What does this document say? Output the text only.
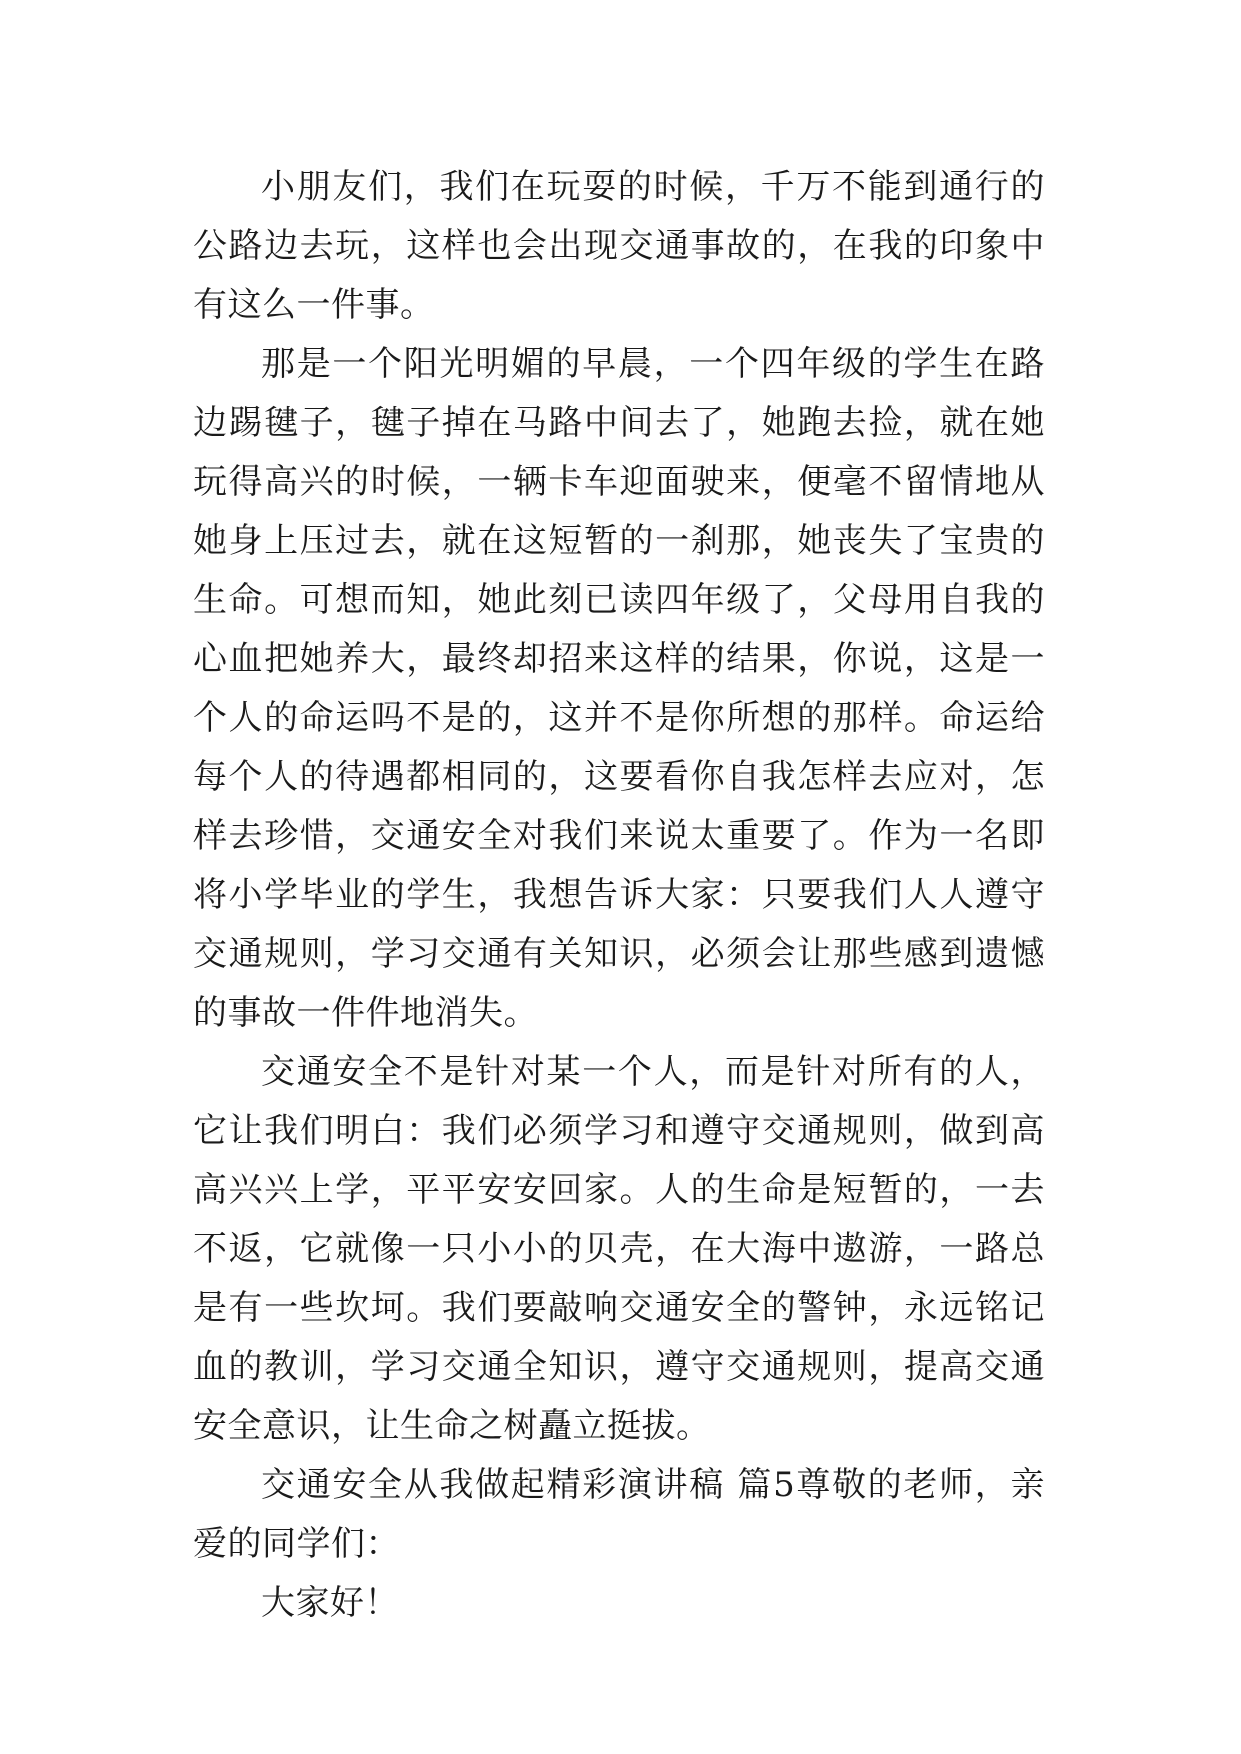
小朋友们，我们在玩耍的时候，千万不能到通行的公路边去玩，这样也会出现交通事故的，在我的印象中有这么一件事。

那是一个阳光明媚的早晨，一个四年级的学生在路边踢毽子，毽子掉在马路中间去了，她跑去捡，就在她玩得高兴的时候，一辆卡车迎面驶来，便毫不留情地从她身上压过去，就在这短暂的一刹那，她丧失了宝贵的生命。可想而知，她此刻已读四年级了，父母用自我的心血把她养大，最终却招来这样的结果，你说，这是一个人的命运吗不是的，这并不是你所想的那样。命运给每个人的待遇都相同的，这要看你自我怎样去应对，怎样去珍惜，交通安全对我们来说太重要了。作为一名即将小学毕业的学生，我想告诉大家：只要我们人人遵守交通规则，学习交通有关知识，必须会让那些感到遗憾的事故一件件地消失。

交通安全不是针对某一个人，而是针对所有的人，它让我们明白：我们必须学习和遵守交通规则，做到高高兴兴上学，平平安安回家。人的生命是短暂的，一去不返，它就像一只小小的贝壳，在大海中遨游，一路总是有一些坎坷。我们要敲响交通安全的警钟，永远铭记血的教训，学习交通全知识，遵守交通规则，提高交通安全意识，让生命之树矗立挺拔。

交通安全从我做起精彩演讲稿 篇5尊敬的老师，亲爱的同学们：

大家好！
